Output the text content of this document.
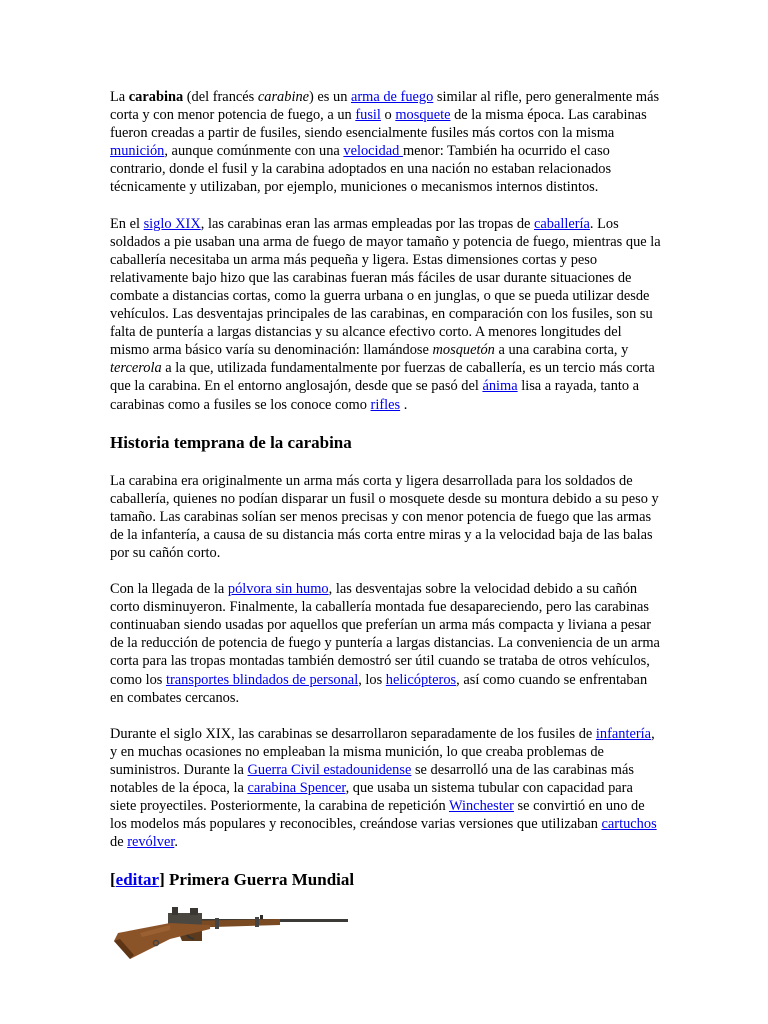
La carabina (del francés carabine) es un arma de fuego similar al rifle, pero generalmente más corta y con menor potencia de fuego, a un fusil o mosquete de la misma época. Las carabinas fueron creadas a partir de fusiles, siendo esencialmente fusiles más cortos con la misma munición, aunque comúnmente con una velocidad menor: También ha ocurrido el caso contrario, donde el fusil y la carabina adoptados en una nación no estaban relacionados técnicamente y utilizaban, por ejemplo, municiones o mecanismos internos distintos.

En el siglo XIX, las carabinas eran las armas empleadas por las tropas de caballería. Los soldados a pie usaban una arma de fuego de mayor tamaño y potencia de fuego, mientras que la caballería necesitaba un arma más pequeña y ligera. Estas dimensiones cortas y peso relativamente bajo hizo que las carabinas fueran más fáciles de usar durante situaciones de combate a distancias cortas, como la guerra urbana o en junglas, o que se pueda utilizar desde vehículos. Las desventajas principales de las carabinas, en comparación con los fusiles, son su falta de puntería a largas distancias y su alcance efectivo corto. A menores longitudes del mismo arma básico varía su denominación: llamándose mosquetón a una carabina corta, y tercerola a la que, utilizada fundamentalmente por fuerzas de caballería, es un tercio más corta que la carabina. En el entorno anglosajón, desde que se pasó del ánima lisa a rayada, tanto a carabinas como a fusiles se los conoce como rifles .

Historia temprana de la carabina

La carabina era originalmente un arma más corta y ligera desarrollada para los soldados de caballería, quienes no podían disparar un fusil o mosquete desde su montura debido a su peso y tamaño. Las carabinas solían ser menos precisas y con menor potencia de fuego que las armas de la infantería, a causa de su distancia más corta entre miras y a la velocidad baja de las balas por su cañón corto.

Con la llegada de la pólvora sin humo, las desventajas sobre la velocidad debido a su cañón corto disminuyeron. Finalmente, la caballería montada fue desapareciendo, pero las carabinas continuaban siendo usadas por aquellos que preferían un arma más compacta y liviana a pesar de la reducción de potencia de fuego y puntería a largas distancias. La conveniencia de un arma corta para las tropas montadas también demostró ser útil cuando se trataba de otros vehículos, como los transportes blindados de personal, los helicópteros, así como cuando se enfrentaban en combates cercanos.

Durante el siglo XIX, las carabinas se desarrollaron separadamente de los fusiles de infantería, y en muchas ocasiones no empleaban la misma munición, lo que creaba problemas de suministros. Durante la Guerra Civil estadounidense se desarrolló una de las carabinas más notables de la época, la carabina Spencer, que usaba un sistema tubular con capacidad para siete proyectiles. Posteriormente, la carabina de repetición Winchester se convirtió en uno de los modelos más populares y reconocibles, creándose varias versiones que utilizaban cartuchos de revólver.

[editar] Primera Guerra Mundial
